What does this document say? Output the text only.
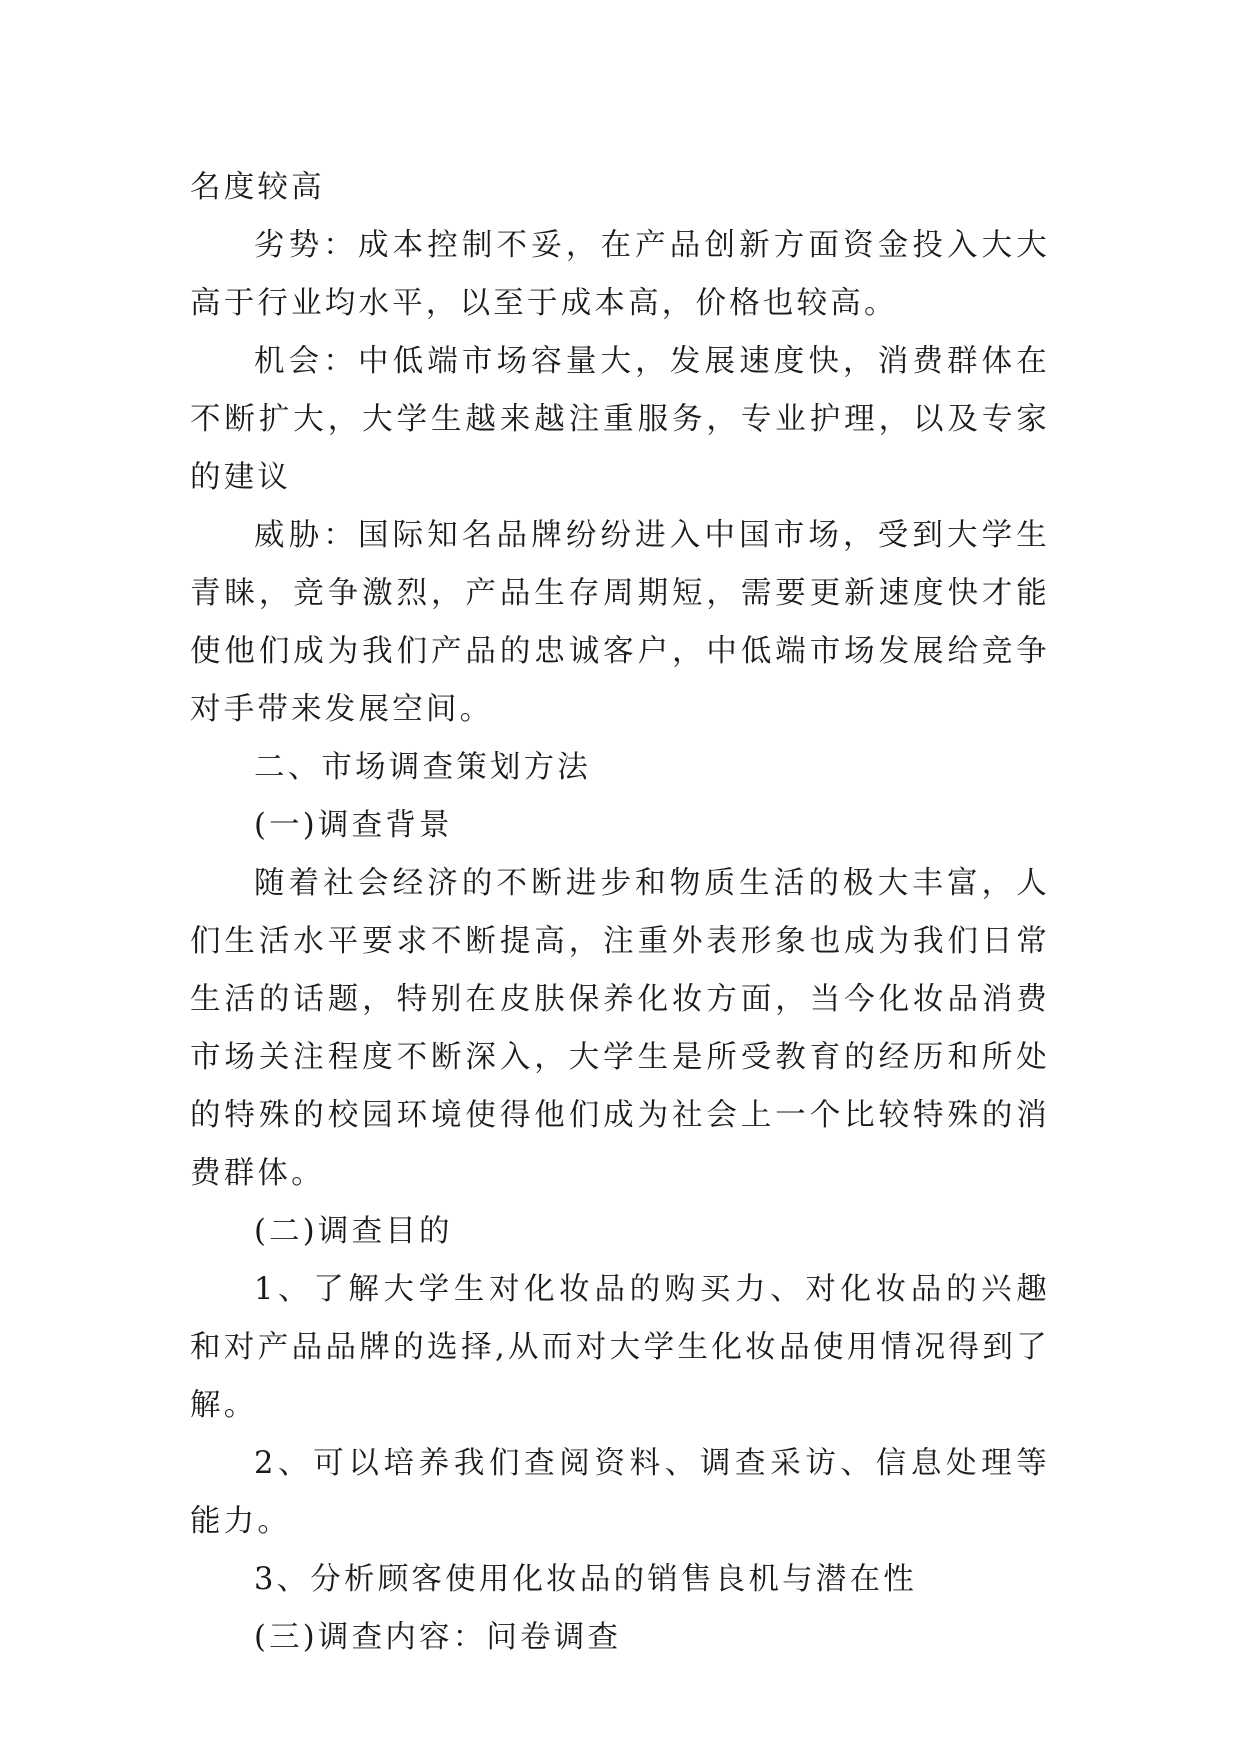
名度较高

劣势：成本控制不妥，在产品创新方面资金投入大大高于行业均水平，以至于成本高，价格也较高。

机会：中低端市场容量大，发展速度快，消费群体在不断扩大，大学生越来越注重服务，专业护理，以及专家的建议

威胁：国际知名品牌纷纷进入中国市场，受到大学生青睐，竞争激烈，产品生存周期短，需要更新速度快才能使他们成为我们产品的忠诚客户，中低端市场发展给竞争对手带来发展空间。

二、市场调查策划方法

(一)调查背景

随着社会经济的不断进步和物质生活的极大丰富，人们生活水平要求不断提高，注重外表形象也成为我们日常生活的话题，特别在皮肤保养化妆方面，当今化妆品消费市场关注程度不断深入，大学生是所受教育的经历和所处的特殊的校园环境使得他们成为社会上一个比较特殊的消费群体。

(二)调查目的

1、了解大学生对化妆品的购买力、对化妆品的兴趣和对产品品牌的选择,从而对大学生化妆品使用情况得到了解。

2、可以培养我们查阅资料、调查采访、信息处理等能力。

3、分析顾客使用化妆品的销售良机与潜在性

(三)调查内容：问卷调查
